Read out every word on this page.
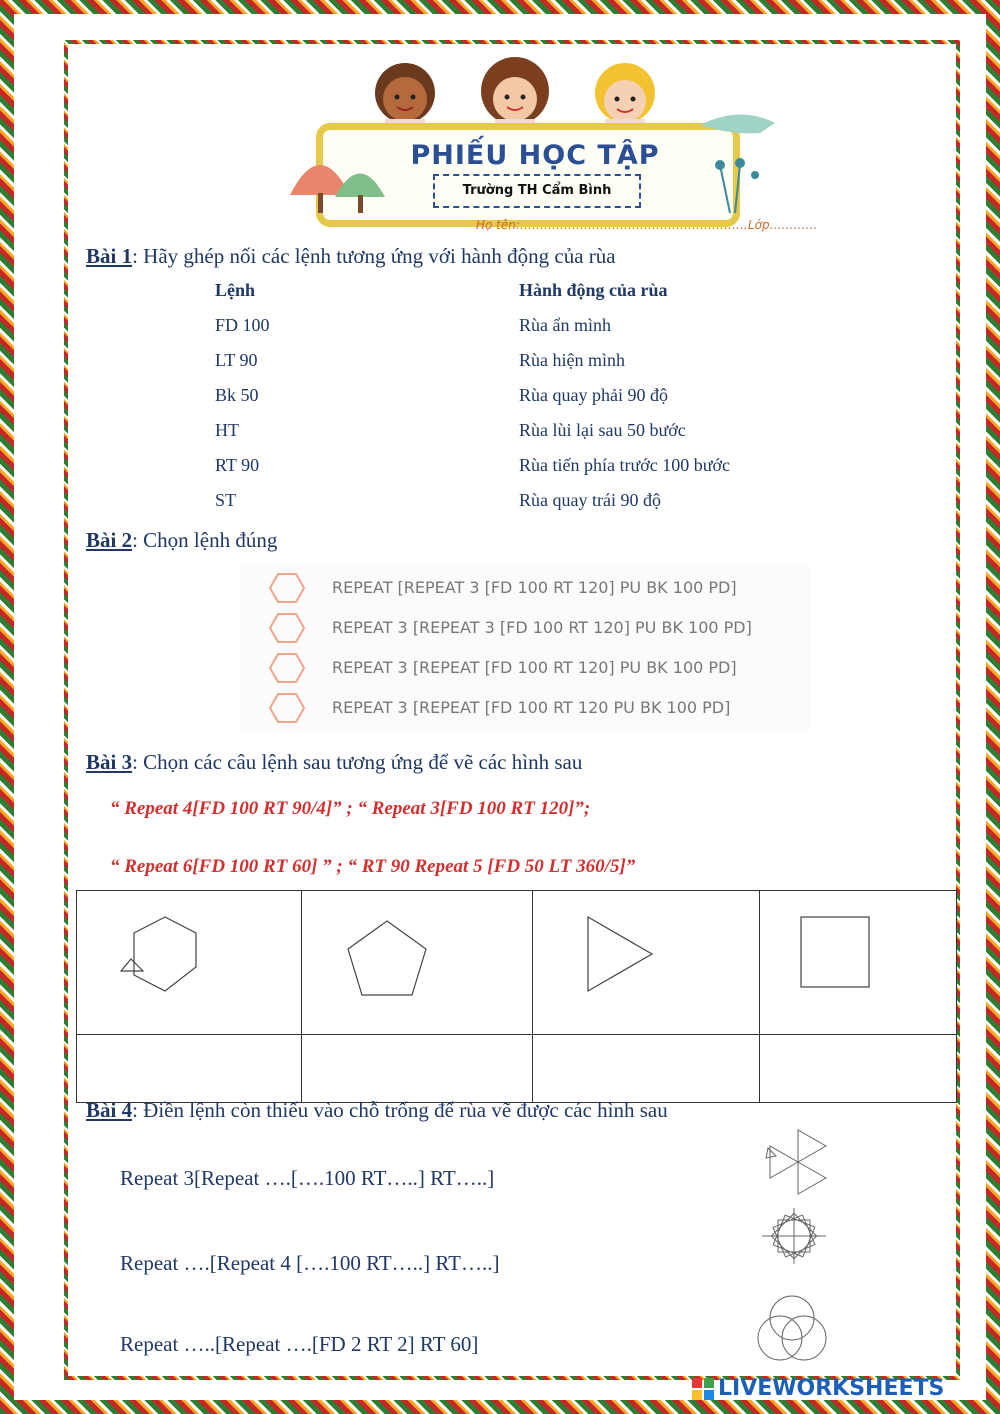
PHIẾU HỌC TẬP
Trường TH Cẩm Bình
Họ tên:…………………………………………………Lớp…………
Bài 1: Hãy ghép nối các lệnh tương ứng với hành động của rùa
Lệnh	Hành động của rùa
FD 100	Rùa ẩn mình
LT 90	Rùa hiện mình
Bk 50	Rùa quay phải 90 độ
HT	Rùa lùi lại sau 50 bước
RT 90	Rùa tiến phía trước 100 bước
ST	Rùa quay trái 90 độ
Bài 2: Chọn lệnh đúng
REPEAT [REPEAT 3 [FD 100 RT 120] PU BK 100 PD]
REPEAT 3 [REPEAT 3 [FD 100 RT 120] PU BK 100 PD]
REPEAT 3 [REPEAT [FD 100 RT 120] PU BK 100 PD]
REPEAT 3 [REPEAT [FD 100 RT 120 PU BK 100 PD]
Bài 3: Chọn các câu lệnh sau tương ứng để vẽ các hình sau
“ Repeat 4[FD 100 RT 90/4]” ; “ Repeat 3[FD 100 RT 120]”;
“ Repeat 6[FD 100 RT 60] ” ; “ RT 90 Repeat 5 [FD 50 LT 360/5]”

Bài 4: Điền lệnh còn thiếu vào chỗ trống để rùa vẽ được các hình sau
Repeat 3[Repeat ….[….100 RT…..] RT…..]
Repeat ….[Repeat 4 [….100 RT…..] RT…..]
Repeat …..[Repeat ….[FD 2 RT 2] RT 60]
LIVEWORKSHEETS
